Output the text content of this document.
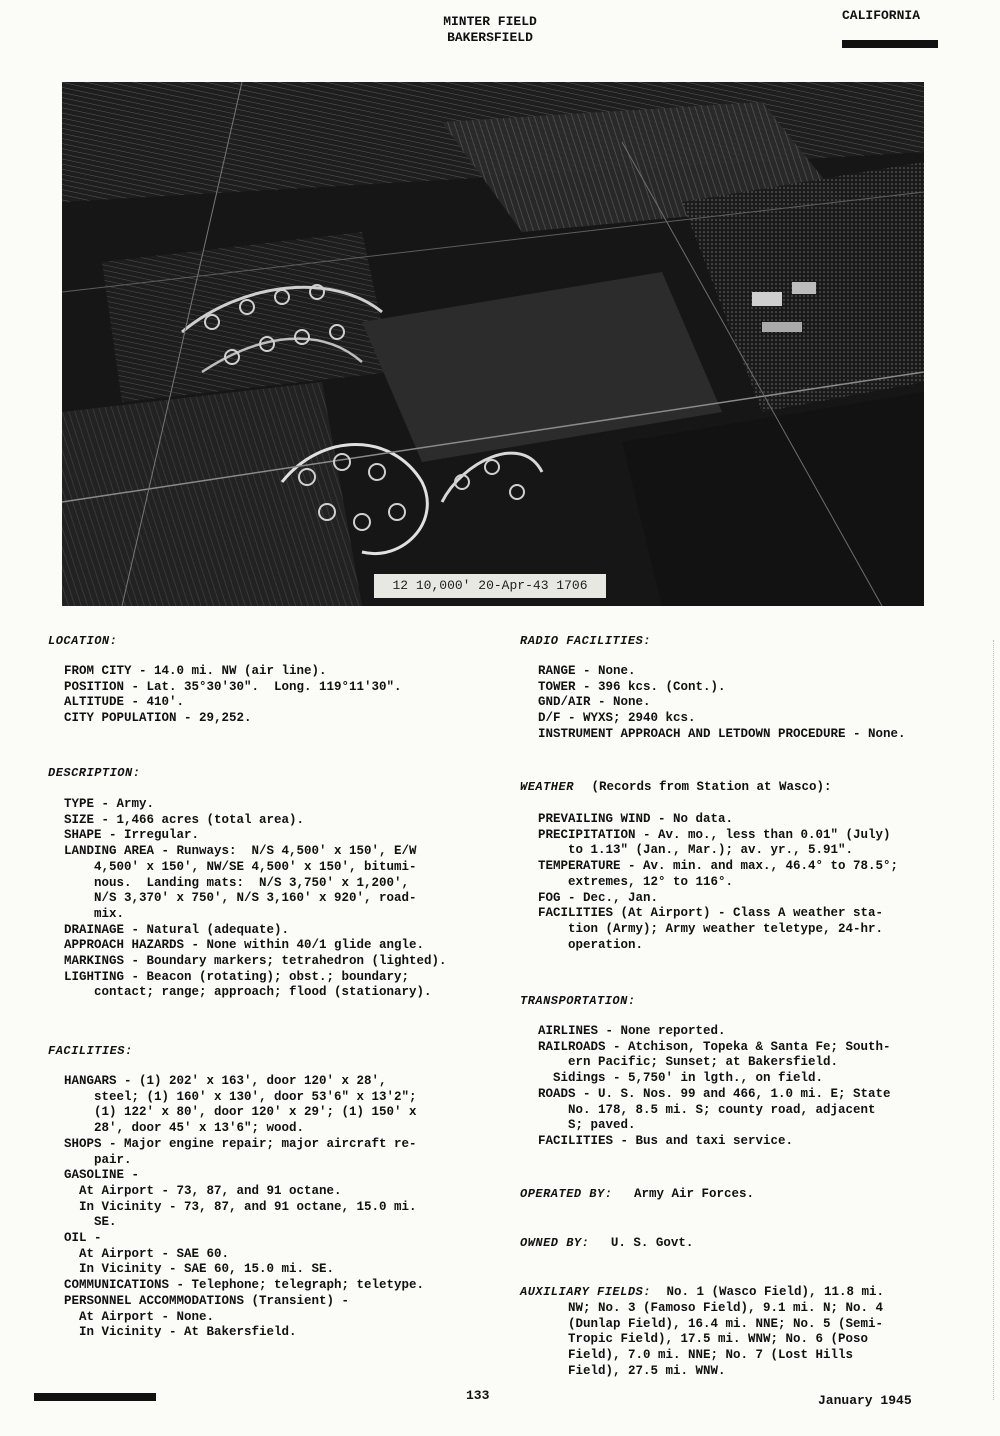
MINTER FIELD
BAKERSFIELD
CALIFORNIA
12 10,000' 20-Apr-43 1706
LOCATION:
FROM CITY - 14.0 mi. NW (air line).
POSITION - Lat. 35°30'30".  Long. 119°11'30".
ALTITUDE - 410'.
CITY POPULATION - 29,252.
DESCRIPTION:
TYPE - Army.
SIZE - 1,466 acres (total area).
SHAPE - Irregular.
LANDING AREA - Runways:  N/S 4,500' x 150', E/W
4,500' x 150', NW/SE 4,500' x 150', bitumi-
nous.  Landing mats:  N/S 3,750' x 1,200',
N/S 3,370' x 750', N/S 3,160' x 920', road-
mix.
DRAINAGE - Natural (adequate).
APPROACH HAZARDS - None within 40/1 glide angle.
MARKINGS - Boundary markers; tetrahedron (lighted).
LIGHTING - Beacon (rotating); obst.; boundary;
contact; range; approach; flood (stationary).
FACILITIES:
HANGARS - (1) 202' x 163', door 120' x 28',
steel; (1) 160' x 130', door 53'6" x 13'2";
(1) 122' x 80', door 120' x 29'; (1) 150' x
28', door 45' x 13'6"; wood.
SHOPS - Major engine repair; major aircraft re-
pair.
GASOLINE -
At Airport - 73, 87, and 91 octane.
In Vicinity - 73, 87, and 91 octane, 15.0 mi.
SE.
OIL -
At Airport - SAE 60.
In Vicinity - SAE 60, 15.0 mi. SE.
COMMUNICATIONS - Telephone; telegraph; teletype.
PERSONNEL ACCOMMODATIONS (Transient) -
At Airport - None.
In Vicinity - At Bakersfield.
RADIO FACILITIES:
RANGE - None.
TOWER - 396 kcs. (Cont.).
GND/AIR - None.
D/F - WYXS; 2940 kcs.
INSTRUMENT APPROACH AND LETDOWN PROCEDURE - None.
WEATHER (Records from Station at Wasco):
PREVAILING WIND - No data.
PRECIPITATION - Av. mo., less than 0.01" (July)
to 1.13" (Jan., Mar.); av. yr., 5.91".
TEMPERATURE - Av. min. and max., 46.4° to 78.5°;
extremes, 12° to 116°.
FOG - Dec., Jan.
FACILITIES (At Airport) - Class A weather sta-
tion (Army); Army weather teletype, 24-hr.
operation.
TRANSPORTATION:
AIRLINES - None reported.
RAILROADS - Atchison, Topeka & Santa Fe; South-
ern Pacific; Sunset; at Bakersfield.
Sidings - 5,750' in lgth., on field.
ROADS - U. S. Nos. 99 and 466, 1.0 mi. E; State
No. 178, 8.5 mi. S; county road, adjacent
S; paved.
FACILITIES - Bus and taxi service.
OPERATED BY: Army Air Forces.
OWNED BY: U. S. Govt.
AUXILIARY FIELDS: No. 1 (Wasco Field), 11.8 mi.
NW; No. 3 (Famoso Field), 9.1 mi. N; No. 4
(Dunlap Field), 16.4 mi. NNE; No. 5 (Semi-
Tropic Field), 17.5 mi. WNW; No. 6 (Poso
Field), 7.0 mi. NNE; No. 7 (Lost Hills
Field), 27.5 mi. WNW.
133	January 1945
